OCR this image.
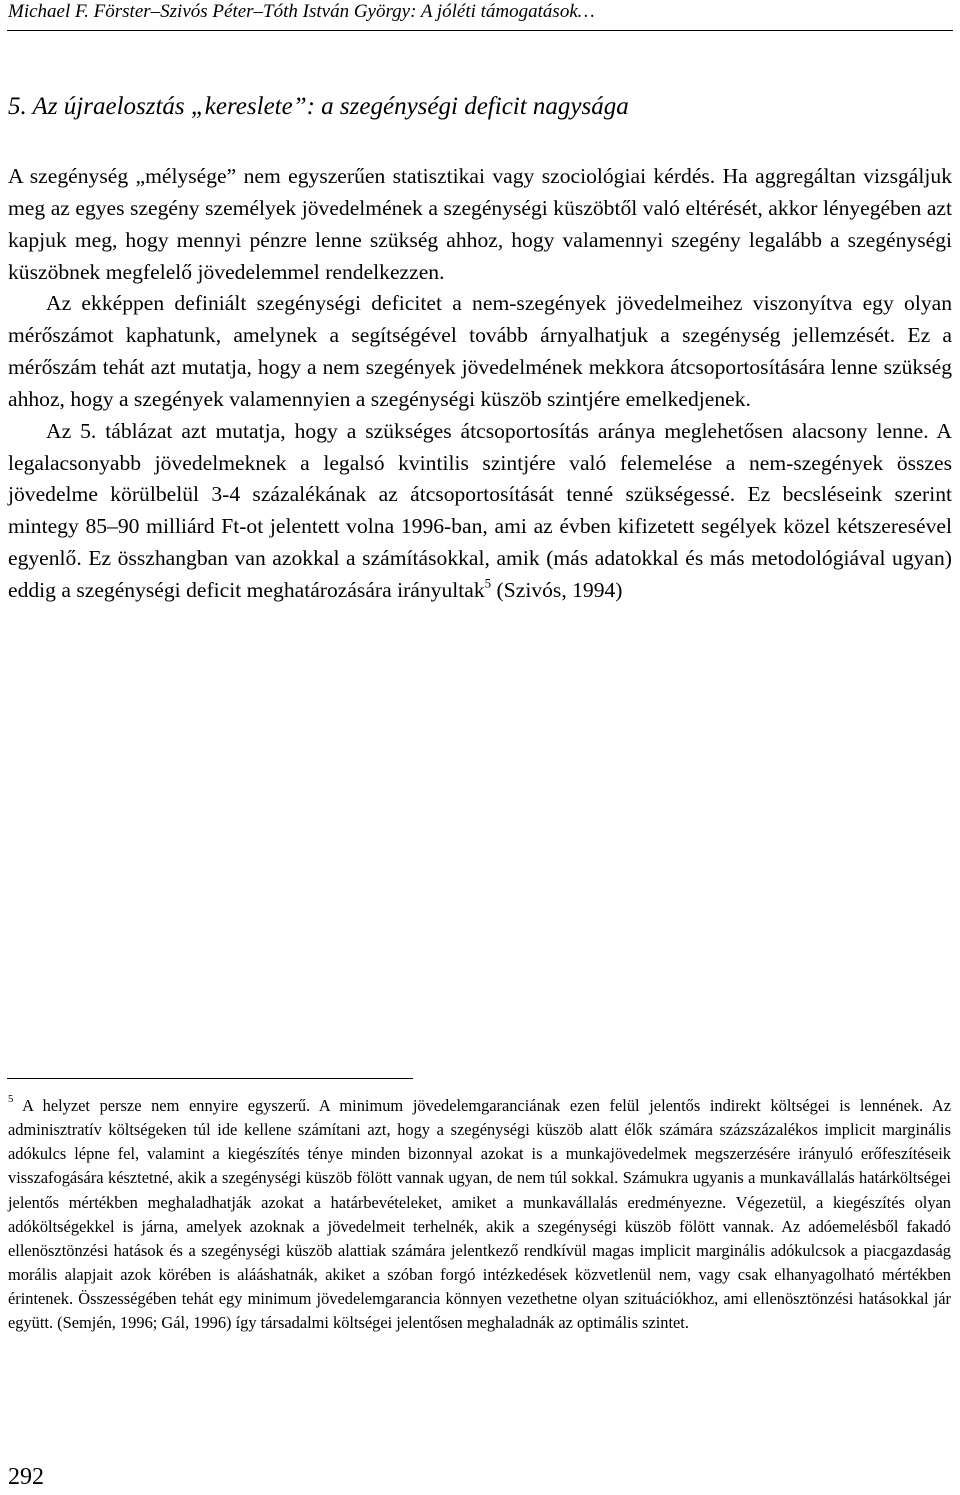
Michael F. Förster–Szivós Péter–Tóth István György: A jóléti támogatások…
5. Az újraelosztás „kereslete”: a szegénységi deficit nagysága

A szegénység „mélysége” nem egyszerűen statisztikai vagy szociológiai kérdés. Ha aggregáltan vizsgáljuk meg az egyes szegény személyek jövedelmének a szegénységi küszöbtől való eltérését, akkor lényegében azt kapjuk meg, hogy mennyi pénzre lenne szükség ahhoz, hogy valamennyi szegény legalább a szegénységi küszöbnek megfelelő jövedelemmel rendelkezzen.

Az ekképpen definiált szegénységi deficitet a nem-szegények jövedelmeihez viszonyítva egy olyan mérőszámot kaphatunk, amelynek a segítségével tovább árnyalhatjuk a szegénység jellemzését. Ez a mérőszám tehát azt mutatja, hogy a nem szegények jövedelmének mekkora átcsoportosítására lenne szükség ahhoz, hogy a szegények valamennyien a szegénységi küszöb szintjére emelkedjenek.

Az 5. táblázat azt mutatja, hogy a szükséges átcsoportosítás aránya meglehetősen alacsony lenne. A legalacsonyabb jövedelmeknek a legalsó kvintilis szintjére való felemelése a nem-szegények összes jövedelme körülbelül 3-4 százalékának az átcsoportosítását tenné szükségessé. Ez becsléseink szerint mintegy 85–90 milliárd Ft-ot jelentett volna 1996-ban, ami az évben kifizetett segélyek közel kétszeresével egyenlő. Ez összhangban van azokkal a számításokkal, amik (más adatokkal és más metodológiával ugyan) eddig a szegénységi deficit meghatározására irányultak$^5$ (Szivós, 1994)

$^5$ A helyzet persze nem ennyire egyszerű. A minimum jövedelemgaranciának ezen felül jelentős indirekt költségei is lennének. Az adminisztratív költségeken túl ide kellene számítani azt, hogy a szegénységi küszöb alatt élők számára százszázalékos implicit marginális adókulcs lépne fel, valamint a kiegészítés ténye minden bizonnyal azokat is a munkajövedelmek megszerzésére irányuló erőfeszítéseik visszafogására késztetné, akik a szegénységi küszöb fölött vannak ugyan, de nem túl sokkal. Számukra ugyanis a munkavállalás határköltségei jelentős mértékben meghaladhatják azokat a határbevételeket, amiket a munkavállalás eredményezne. Végezetül, a kiegészítés olyan adóköltségekkel is járna, amelyek azoknak a jövedelmeit terhelnék, akik a szegénységi küszöb fölött vannak. Az adóemelésből fakadó ellenösztönzési hatások és a szegénységi küszöb alattiak számára jelentkező rendkívül magas implicit marginális adókulcsok a piacgazdaság morális alapjait azok körében is alááshatnák, akiket a szóban forgó intézkedések közvetlenül nem, vagy csak elhanyagolható mértékben érintenek. Összességében tehát egy minimum jövedelemgarancia könnyen vezethetne olyan szituációkhoz, ami ellenösztönzési hatásokkal jár együtt. (Semjén, 1996; Gál, 1996) így társadalmi költségei jelentősen meghaladnák az optimális szintet.

292
